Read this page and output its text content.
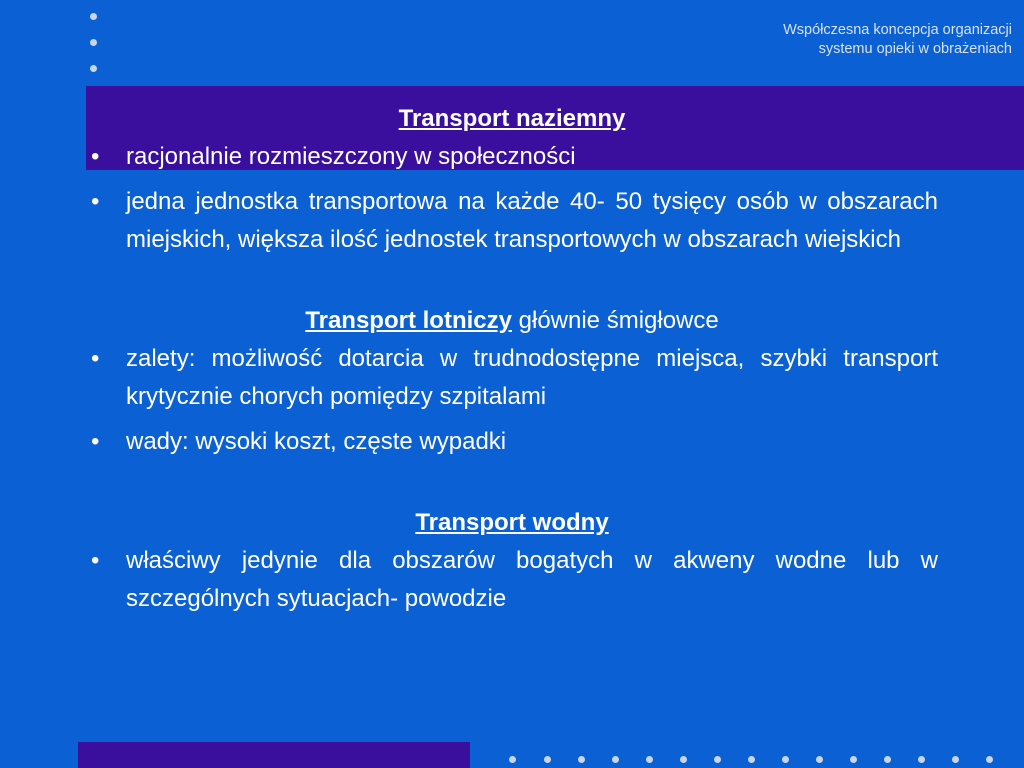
Współczesna koncepcja organizacji
systemu opieki w obrażeniach

Transport naziemny

• racjonalnie rozmieszczony w społeczności
• jedna jednostka transportowa na każde 40- 50 tysięcy osób w obszarach miejskich, większa ilość jednostek transportowych w obszarach wiejskich

Transport lotniczy głównie śmigłowce

• zalety: możliwość dotarcia w trudnodostępne miejsca, szybki transport krytycznie chorych pomiędzy szpitalami
• wady: wysoki koszt, częste wypadki

Transport wodny

• właściwy jedynie dla obszarów bogatych w akweny wodne lub w szczególnych sytuacjach- powodzie
